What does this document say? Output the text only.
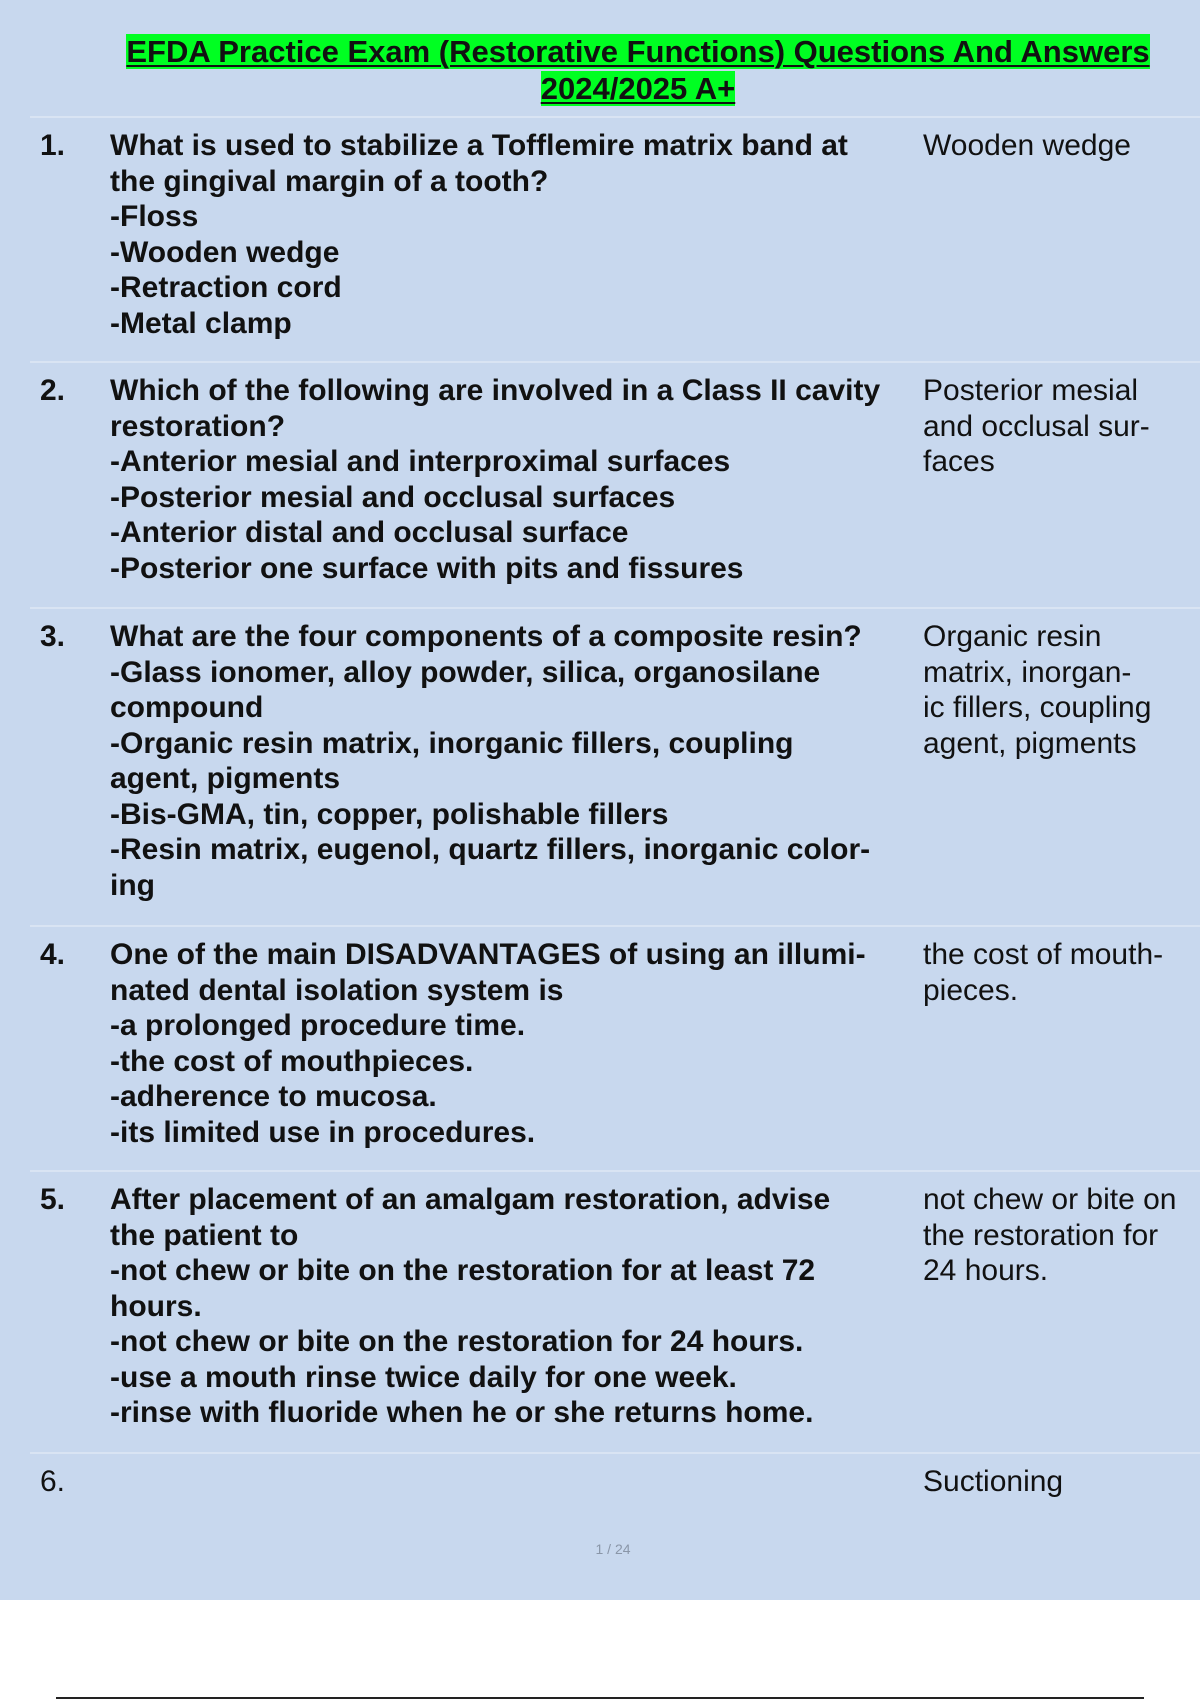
EFDA Practice Exam (Restorative Functions) Questions And Answers
2024/2025 A+
1. What is used to stabilize a Tofflemire matrix band at
the gingival margin of a tooth?
-Floss
-Wooden wedge
-Retraction cord
-Metal clamp
Wooden wedge
2. Which of the following are involved in a Class II cavity
restoration?
-Anterior mesial and interproximal surfaces
-Posterior mesial and occlusal surfaces
-Anterior distal and occlusal surface
-Posterior one surface with pits and fissures
Posterior mesial
and occlusal sur-
faces
3. What are the four components of a composite resin?
-Glass ionomer, alloy powder, silica, organosilane
compound
-Organic resin matrix, inorganic fillers, coupling
agent, pigments
-Bis-GMA, tin, copper, polishable fillers
-Resin matrix, eugenol, quartz fillers, inorganic color-
ing
Organic resin
matrix, inorgan-
ic fillers, coupling
agent, pigments
4. One of the main DISADVANTAGES of using an illumi-
nated dental isolation system is
-a prolonged procedure time.
-the cost of mouthpieces.
-adherence to mucosa.
-its limited use in procedures.
the cost of mouth-
pieces.
5. After placement of an amalgam restoration, advise
the patient to
-not chew or bite on the restoration for at least 72
hours.
-not chew or bite on the restoration for 24 hours.
-use a mouth rinse twice daily for one week.
-rinse with fluoride when he or she returns home.
not chew or bite on
the restoration for
24 hours.
6.	Suctioning
1 / 24
